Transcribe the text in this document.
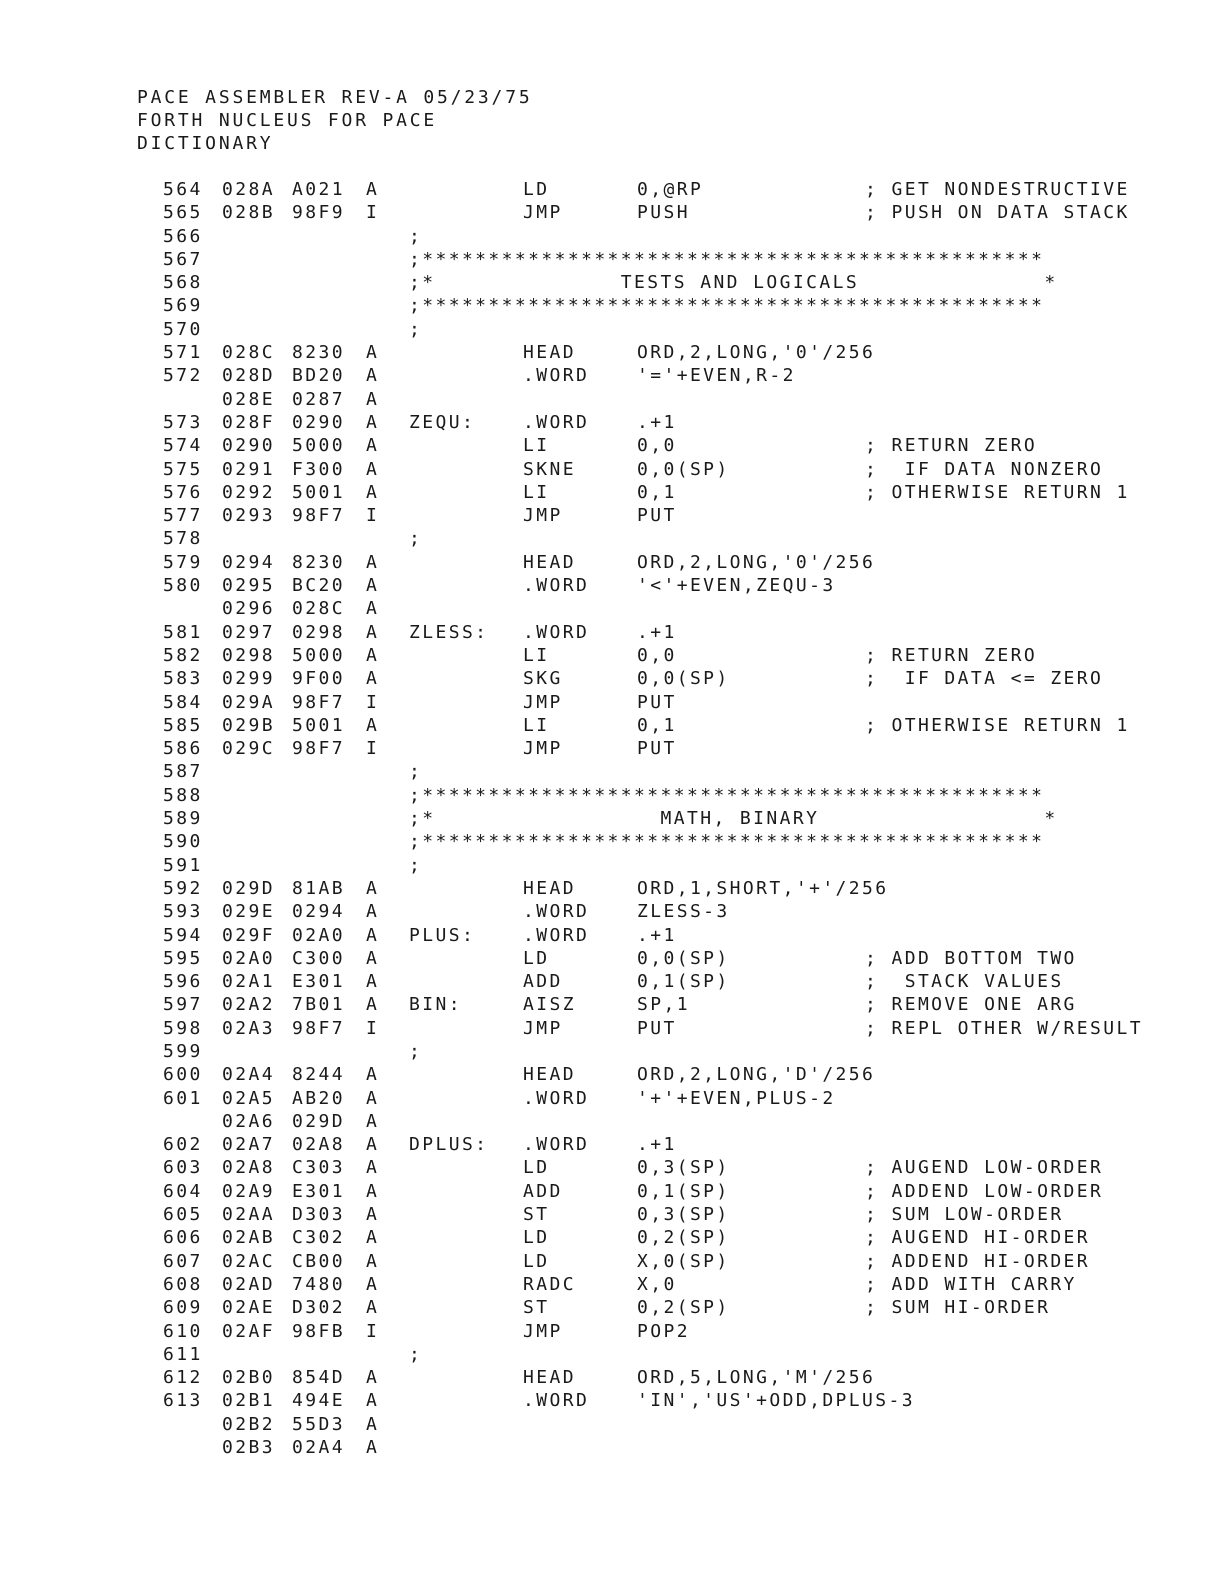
PACE ASSEMBLER REV-A 05/23/75
FORTH NUCLEUS FOR PACE
DICTIONARY
564 028A A021 A	LD	0,@RP	; GET NONDESTRUCTIVE
565 028B 98F9 I	JMP	PUSH	; PUSH ON DATA STACK
566	;
567	;***********************************************
568	;*              TESTS AND LOGICALS              *
569	;***********************************************
570	;
571 028C 8230 A	HEAD	ORD,2,LONG,'0'/256
572 028D BD20 A	.WORD	'='+EVEN,R-2
028E 0287 A
573 028F 0290 A ZEQU:	.WORD	.+1
574 0290 5000 A	LI	0,0	; RETURN ZERO
575 0291 F300 A	SKNE	0,0(SP)	;  IF DATA NONZERO
576 0292 5001 A	LI	0,1	; OTHERWISE RETURN 1
577 0293 98F7 I	JMP	PUT
578	;
579 0294 8230 A	HEAD	ORD,2,LONG,'0'/256
580 0295 BC20 A	.WORD	'<'+EVEN,ZEQU-3
0296 028C A
581 0297 0298 A ZLESS: .WORD	.+1
582 0298 5000 A	LI	0,0	; RETURN ZERO
583 0299 9F00 A	SKG	0,0(SP)	;  IF DATA <= ZERO
584 029A 98F7 I	JMP	PUT
585 029B 5001 A	LI	0,1	; OTHERWISE RETURN 1
586 029C 98F7 I	JMP	PUT
587	;
588	;***********************************************
589	;*                 MATH, BINARY                 *
590	;***********************************************
591	;
592 029D 81AB A	HEAD	ORD,1,SHORT,'+'/256
593 029E 0294 A	.WORD	ZLESS-3
594 029F 02A0 A PLUS:	.WORD	.+1
595 02A0 C300 A	LD	0,0(SP)	; ADD BOTTOM TWO
596 02A1 E301 A	ADD	0,1(SP)	;  STACK VALUES
597 02A2 7B01 A BIN:	AISZ	SP,1	; REMOVE ONE ARG
598 02A3 98F7 I	JMP	PUT	; REPL OTHER W/RESULT
599	;
600 02A4 8244 A	HEAD	ORD,2,LONG,'D'/256
601 02A5 AB20 A	.WORD	'+'+EVEN,PLUS-2
02A6 029D A
602 02A7 02A8 A DPLUS: .WORD	.+1
603 02A8 C303 A	LD	0,3(SP)	; AUGEND LOW-ORDER
604 02A9 E301 A	ADD	0,1(SP)	; ADDEND LOW-ORDER
605 02AA D303 A	ST	0,3(SP)	; SUM LOW-ORDER
606 02AB C302 A	LD	0,2(SP)	; AUGEND HI-ORDER
607 02AC CB00 A	LD	X,0(SP)	; ADDEND HI-ORDER
608 02AD 7480 A	RADC	X,0	; ADD WITH CARRY
609 02AE D302 A	ST	0,2(SP)	; SUM HI-ORDER
610 02AF 98FB I	JMP	POP2
611	;
612 02B0 854D A	HEAD	ORD,5,LONG,'M'/256
613 02B1 494E A	.WORD	'IN','US'+ODD,DPLUS-3
02B2 55D3 A
02B3 02A4 A
